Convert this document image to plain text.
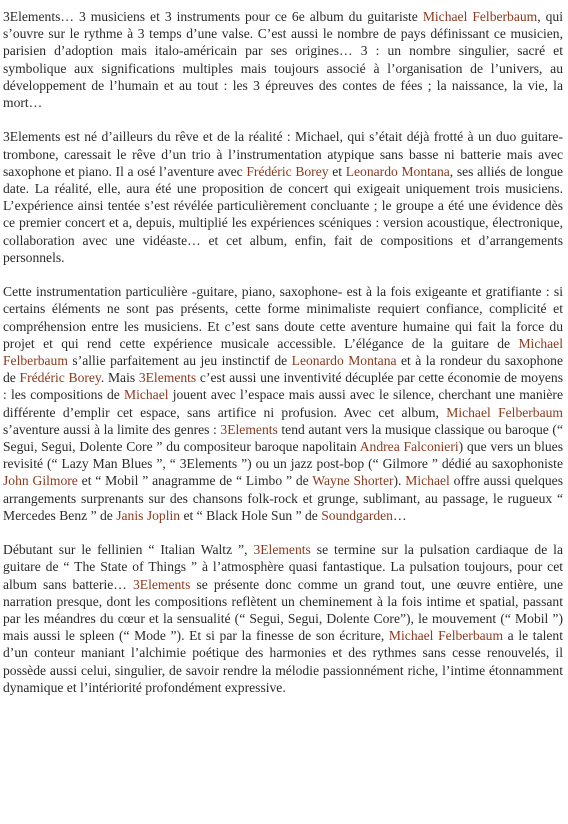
3Elements… 3 musiciens et 3 instruments pour ce 6e album du guitariste Michael Felberbaum, qui s’ouvre sur le rythme à 3 temps d’une valse. C’est aussi le nombre de pays définissant ce musicien, parisien d’adoption mais italo-américain par ses origines… 3 : un nombre singulier, sacré et symbolique aux significations multiples mais toujours associé à l’organisation de l’univers, au développement de l’humain et au tout : les 3 épreuves des contes de fées ; la naissance, la vie, la mort…

3Elements est né d’ailleurs du rêve et de la réalité : Michael, qui s’était déjà frotté à un duo guitare-trombone, caressait le rêve d’un trio à l’instrumentation atypique sans basse ni batterie mais avec saxophone et piano. Il a osé l’aventure avec Frédéric Borey et Leonardo Montana, ses alliés de longue date. La réalité, elle, aura été une proposition de concert qui exigeait uniquement trois musiciens. L’expérience ainsi tentée s’est révélée particulièrement concluante ; le groupe a été une évidence dès ce premier concert et a, depuis, multiplié les expériences scéniques : version acoustique, électronique, collaboration avec une vidéaste… et cet album, enfin, fait de compositions et d’arrangements personnels.

Cette instrumentation particulière -guitare, piano, saxophone- est à la fois exigeante et gratifiante : si certains éléments ne sont pas présents, cette forme minimaliste requiert confiance, complicité et compréhension entre les musiciens. Et c’est sans doute cette aventure humaine qui fait la force du projet et qui rend cette expérience musicale accessible. L’élégance de la guitare de Michael Felberbaum s’allie parfaitement au jeu instinctif de Leonardo Montana et à la rondeur du saxophone de Frédéric Borey. Mais 3Elements c’est aussi une inventivité décuplée par cette économie de moyens : les compositions de Michael jouent avec l’espace mais aussi avec le silence, cherchant une manière différente d’emplir cet espace, sans artifice ni profusion. Avec cet album, Michael Felberbaum s’aventure aussi à la limite des genres : 3Elements tend autant vers la musique classique ou baroque (“ Segui, Segui, Dolente Core ” du compositeur baroque napolitain Andrea Falconieri) que vers un blues revisité (“ Lazy Man Blues ”, “ 3Elements ”) ou un jazz post-bop (“ Gilmore ” dédié au saxophoniste John Gilmore et “ Mobil ” anagramme de “ Limbo ” de Wayne Shorter). Michael offre aussi quelques arrangements surprenants sur des chansons folk-rock et grunge, sublimant, au passage, le rugueux “ Mercedes Benz ” de Janis Joplin et “ Black Hole Sun ” de Soundgarden…

Débutant sur le fellinien “ Italian Waltz ”, 3Elements se termine sur la pulsation cardiaque de la guitare de “ The State of Things ” à l’atmosphère quasi fantastique. La pulsation toujours, pour cet album sans batterie… 3Elements se présente donc comme un grand tout, une œuvre entière, une narration presque, dont les compositions reflètent un cheminement à la fois intime et spatial, passant par les méandres du cœur et la sensualité (“ Segui, Segui, Dolente Core”), le mouvement (“ Mobil ”) mais aussi le spleen (“ Mode ”). Et si par la finesse de son écriture, Michael Felberbaum a le talent d’un conteur maniant l’alchimie poétique des harmonies et des rythmes sans cesse renouvelés, il possède aussi celui, singulier, de savoir rendre la mélodie passionnément riche, l’intime étonnamment dynamique et l’intériorité profondément expressive.
